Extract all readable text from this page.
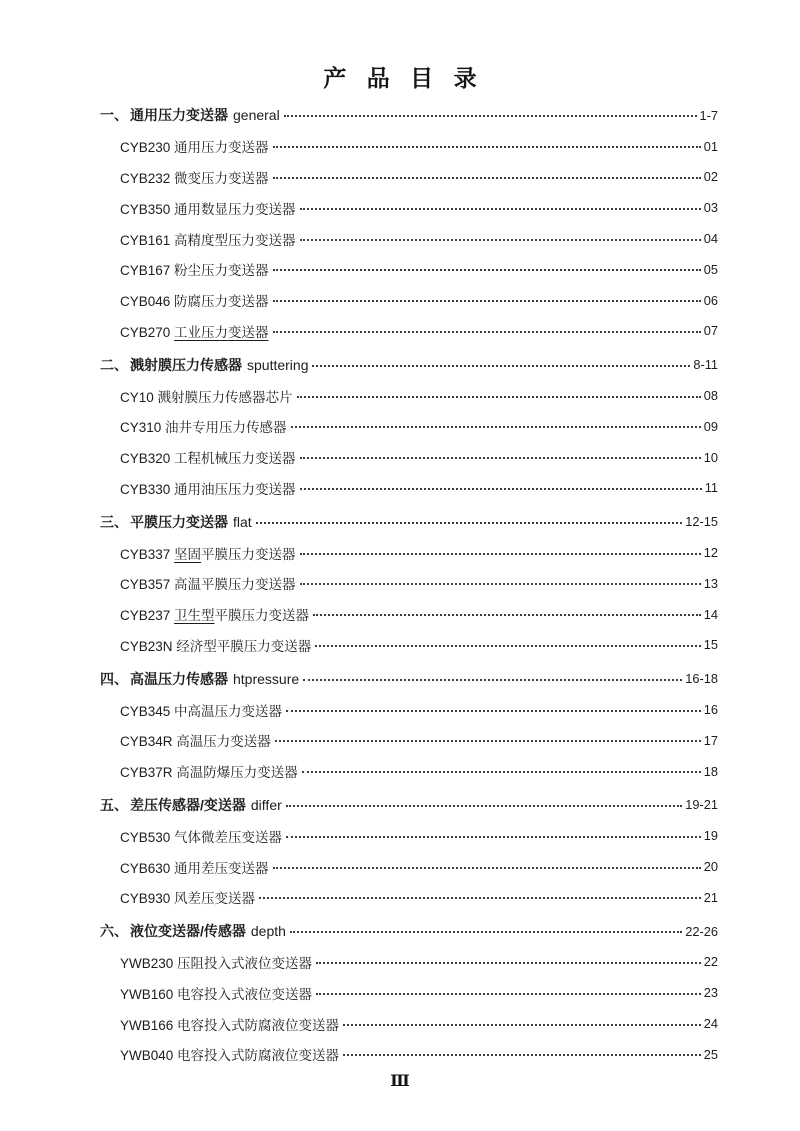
产 品 目 录
一、 通用压力变送器 general	1-7
CYB230 通用压力变送器	01
CYB232 微变压力变送器	02
CYB350 通用数显压力变送器	03
CYB161 高精度型压力变送器	04
CYB167 粉尘压力变送器	05
CYB046 防腐压力变送器	06
CYB270 工业压力变送器	07
二、 溅射膜压力传感器 sputtering	8-11
CY10 溅射膜压力传感器芯片	08
CY310 油井专用压力传感器	09
CYB320 工程机械压力变送器	10
CYB330 通用油压压力变送器	11
三、 平膜压力变送器 flat	12-15
CYB337 坚固平膜压力变送器	12
CYB357 高温平膜压力变送器	13
CYB237 卫生型平膜压力变送器	14
CYB23N 经济型平膜压力变送器	15
四、 高温压力传感器 htpressure	16-18
CYB345 中高温压力变送器	16
CYB34R 高温压力变送器	17
CYB37R 高温防爆压力变送器	18
五、 差压传感器/变送器 differ	19-21
CYB530 气体微差压变送器	19
CYB630 通用差压变送器	20
CYB930 风差压变送器	21
六、 液位变送器/传感器 depth	22-26
YWB230 压阻投入式液位变送器	22
YWB160 电容投入式液位变送器	23
YWB166 电容投入式防腐液位变送器	24
YWB040 电容投入式防腐液位变送器	25
Ⅲ
